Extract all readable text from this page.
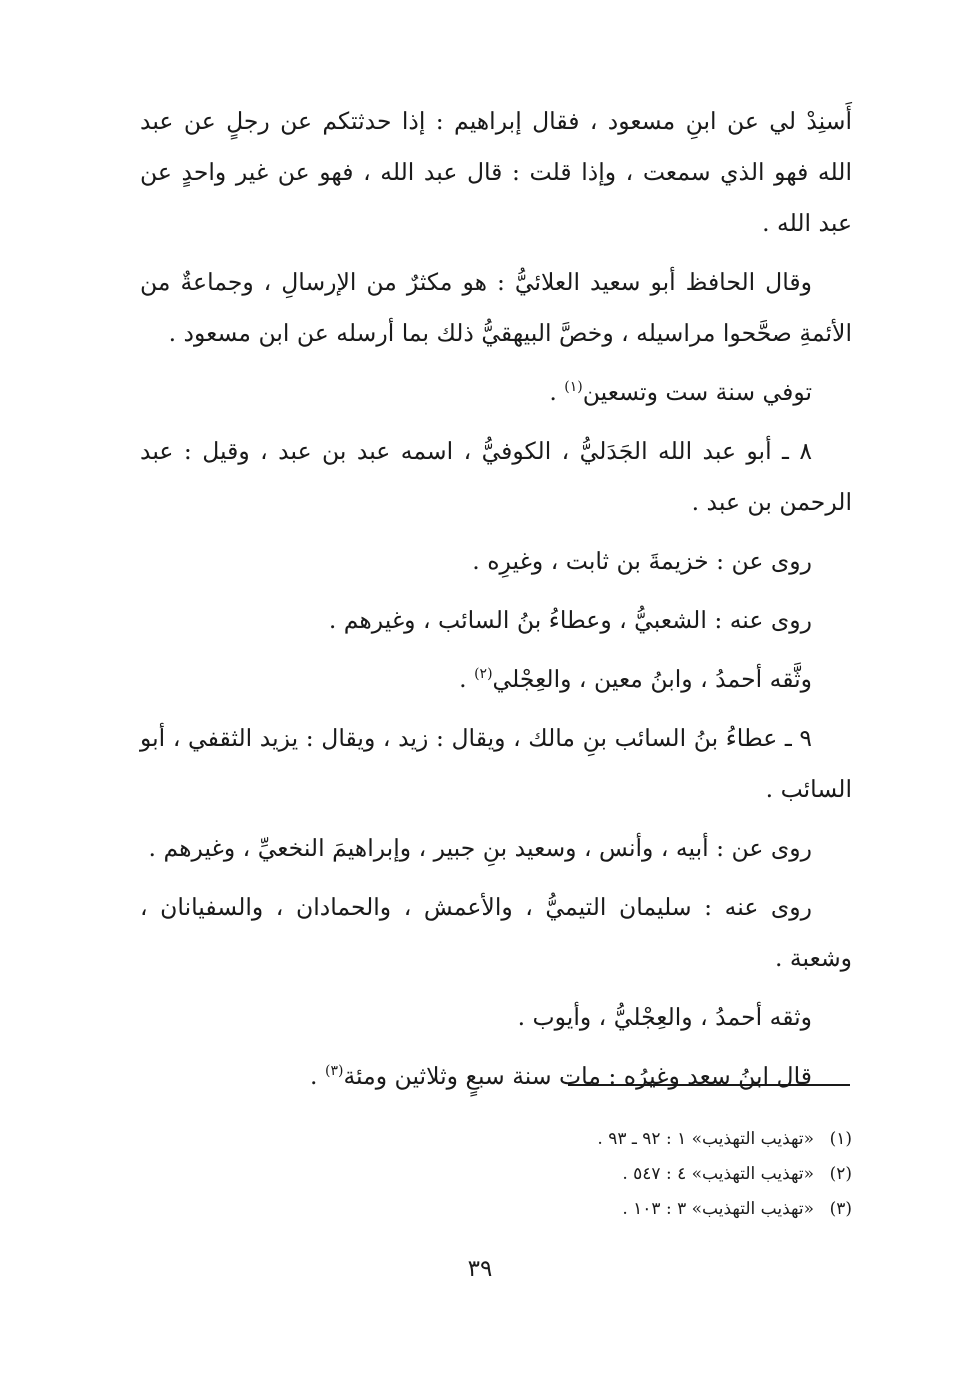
أَسنِدْ لي عن ابنِ مسعود ، فقال إبراهيم : إذا حدثتكم عن رجلٍ عن عبد الله فهو الذي سمعت ، وإذا قلت : قال عبد الله ، فهو عن غير واحدٍ عن عبد الله .

وقال الحافظ أبو سعيد العلائيُّ : هو مكثرٌ من الإرسالِ ، وجماعةٌ من الأئمةِ صحَّحوا مراسيله ، وخصَّ البيهقيُّ ذلك بما أرسله عن ابن مسعود .

توفي سنة ست وتسعين$^{(١)}$ .

٨ ـ أبو عبد الله الجَدَليُّ ، الكوفيُّ ، اسمه عبد بن عبد ، وقيل : عبد الرحمن بن عبد .

روى عن : خزيمةَ بن ثابت ، وغيرِه .

روى عنه : الشعبيُّ ، وعطاءُ بنُ السائب ، وغيرهم .

وثَّقه أحمدُ ، وابنُ معين ، والعِجْلي$^{(٢)}$ .

٩ ـ عطاءُ بنُ السائب بنِ مالك ، ويقال : زيد ، ويقال : يزيد الثقفي ، أبو السائب .

روى عن : أبيه ، وأنس ، وسعيد بنِ جبير ، وإبراهيمَ النخعيِّ ، وغيرهم .

روى عنه : سليمان التيميُّ ، والأعمش ، والحمادان ، والسفيانان ، وشعبة .

وثقه أحمدُ ، والعِجْليُّ ، وأيوب .

قال ابنُ سعد وغيرُه : مات سنة سبعٍ وثلاثين ومئة$^{(٣)}$ .

(١)«تهذيب التهذيب» ١ : ٩٢ ـ ٩٣ .
(٢)«تهذيب التهذيب» ٤ : ٥٤٧ .
(٣)«تهذيب التهذيب» ٣ : ١٠٣ .
٣٩
